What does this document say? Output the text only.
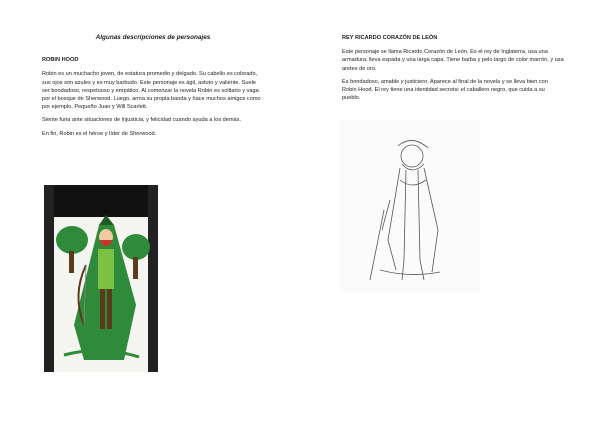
Algunas descripciones de personajes
ROBIN HOOD

Robin es un muchacho joven, de estatura promedio y delgado. Su cabello es colorado, sus ojos son azules y es muy barbudo. Este personaje es ágil, astuto y valiente. Suele ser bondadoso, respetuoso y empático. Al comenzar la novela Robin es solitario y vaga por el bosque de Sherwood. Luego, arma su propia banda y hace muchos amigos como por ejemplo, Pequeño Juan y Will Scarlett.

Siente furia ante situaciones de injusticia, y felicidad cuando ayuda a los demás.

En fin, Robin es el héroe y líder de Sherwood.

REY RICARDO CORAZÓN DE LEÓN

Este personaje se llama Ricardo Corazón de León. Es el rey de Inglaterra, usa una armadura, lleva espada y una larga capa. Tiene barba y pelo largo de color marrón, y usa aretes de oro.

Es bondadoso, amable y justiciero. Aparece al final de la novela y se lleva bien con Robin Hood. El rey tiene una identidad secreta: el caballero negro, que cuida a su pueblo.
